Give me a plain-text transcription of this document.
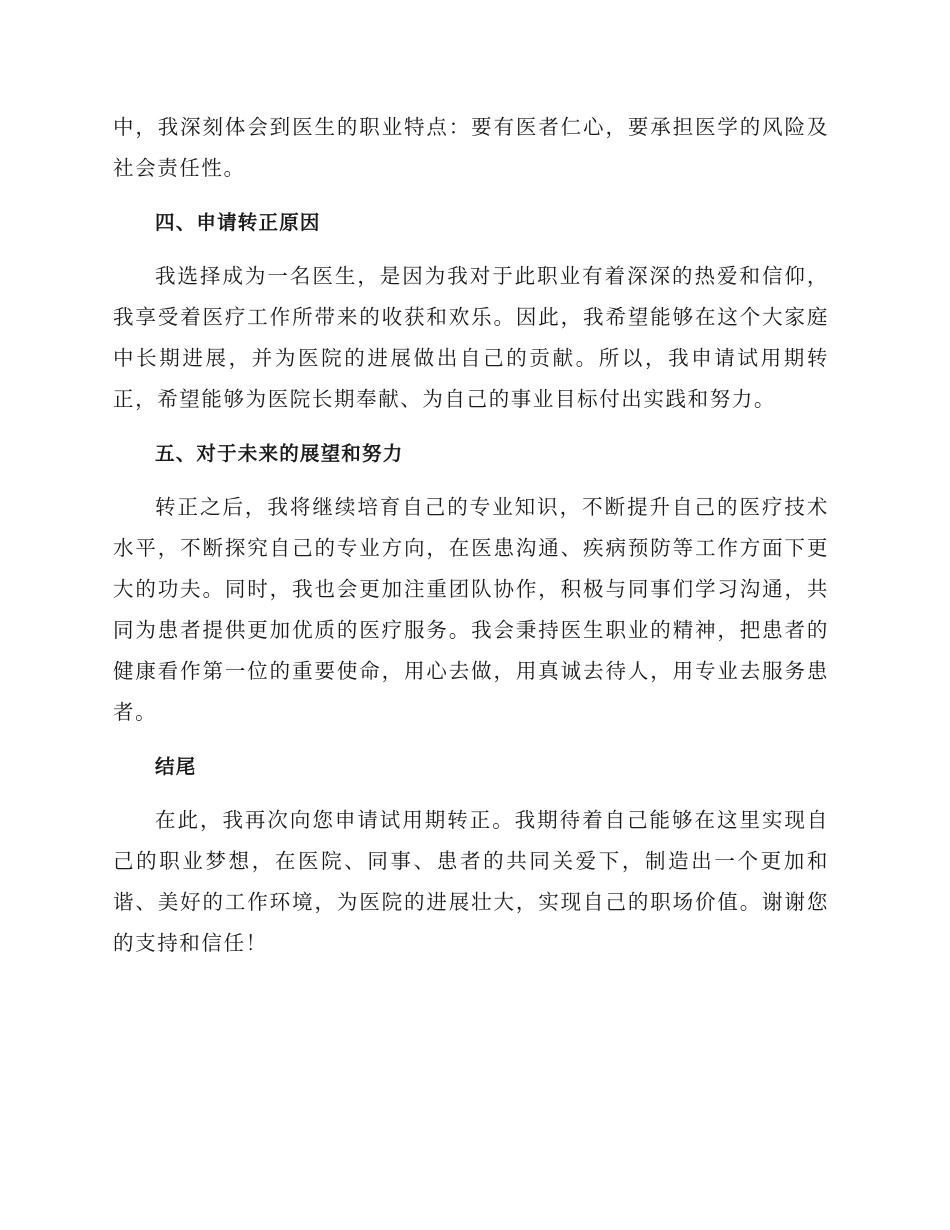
中，我深刻体会到医生的职业特点：要有医者仁心，要承担医学的风险及社会责任性。

四、申请转正原因

我选择成为一名医生，是因为我对于此职业有着深深的热爱和信仰，我享受着医疗工作所带来的收获和欢乐。因此，我希望能够在这个大家庭中长期进展，并为医院的进展做出自己的贡献。所以，我申请试用期转正，希望能够为医院长期奉献、为自己的事业目标付出实践和努力。

五、对于未来的展望和努力

转正之后，我将继续培育自己的专业知识，不断提升自己的医疗技术水平，不断探究自己的专业方向，在医患沟通、疾病预防等工作方面下更大的功夫。同时，我也会更加注重团队协作，积极与同事们学习沟通，共同为患者提供更加优质的医疗服务。我会秉持医生职业的精神，把患者的健康看作第一位的重要使命，用心去做，用真诚去待人，用专业去服务患者。

结尾

在此，我再次向您申请试用期转正。我期待着自己能够在这里实现自己的职业梦想，在医院、同事、患者的共同关爱下，制造出一个更加和谐、美好的工作环境，为医院的进展壮大，实现自己的职场价值。谢谢您的支持和信任！
